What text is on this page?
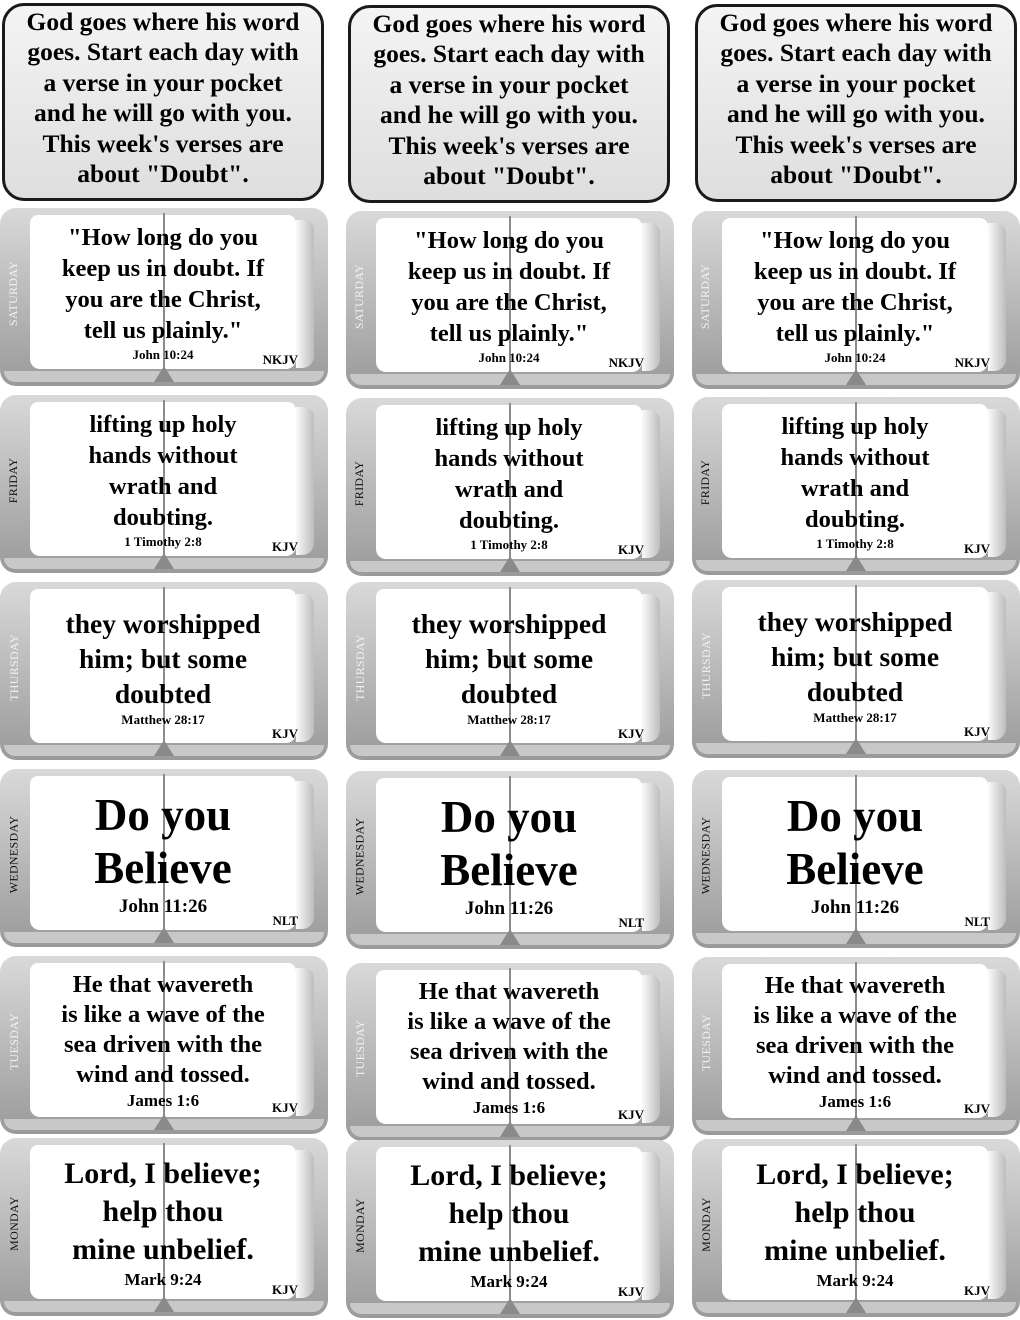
God goes where his word
goes. Start each day with
a verse in your pocket
and he will go with you.
This week's verses are
about "Doubt".
SATURDAY
"How long do you
keep us in doubt. If
you are the Christ,
tell us plainly."
John 10:24	NKJV
FRIDAY
lifting up holy
hands without
wrath and
doubting.
1 Timothy 2:8	KJV
THURSDAY
they worshipped
him; but some
doubted
Matthew 28:17
KJV
WEDNESDAY
Do you
Believe
John 11:26
NLT
TUESDAY
He that wavereth
is like a wave of the
sea driven with the
wind and tossed.
James 1:6	KJV
MONDAY
Lord, I believe;
help thou
mine unbelief.
Mark 9:24
KJV
God goes where his word
goes. Start each day with
a verse in your pocket
and he will go with you.
This week's verses are
about "Doubt".
SATURDAY
"How long do you
keep us in doubt. If
you are the Christ,
tell us plainly."
John 10:24	NKJV
FRIDAY
lifting up holy
hands without
wrath and
doubting.
1 Timothy 2:8	KJV
THURSDAY
they worshipped
him; but some
doubted
Matthew 28:17
KJV
WEDNESDAY
Do you
Believe
John 11:26
NLT
TUESDAY
He that wavereth
is like a wave of the
sea driven with the
wind and tossed.
James 1:6	KJV
MONDAY
Lord, I believe;
help thou
mine unbelief.
Mark 9:24
KJV
God goes where his word
goes. Start each day with
a verse in your pocket
and he will go with you.
This week's verses are
about "Doubt".
SATURDAY
"How long do you
keep us in doubt. If
you are the Christ,
tell us plainly."
John 10:24	NKJV
FRIDAY
lifting up holy
hands without
wrath and
doubting.
1 Timothy 2:8	KJV
THURSDAY
they worshipped
him; but some
doubted
Matthew 28:17
KJV
WEDNESDAY
Do you
Believe
John 11:26
NLT
TUESDAY
He that wavereth
is like a wave of the
sea driven with the
wind and tossed.
James 1:6	KJV
MONDAY
Lord, I believe;
help thou
mine unbelief.
Mark 9:24
KJV
